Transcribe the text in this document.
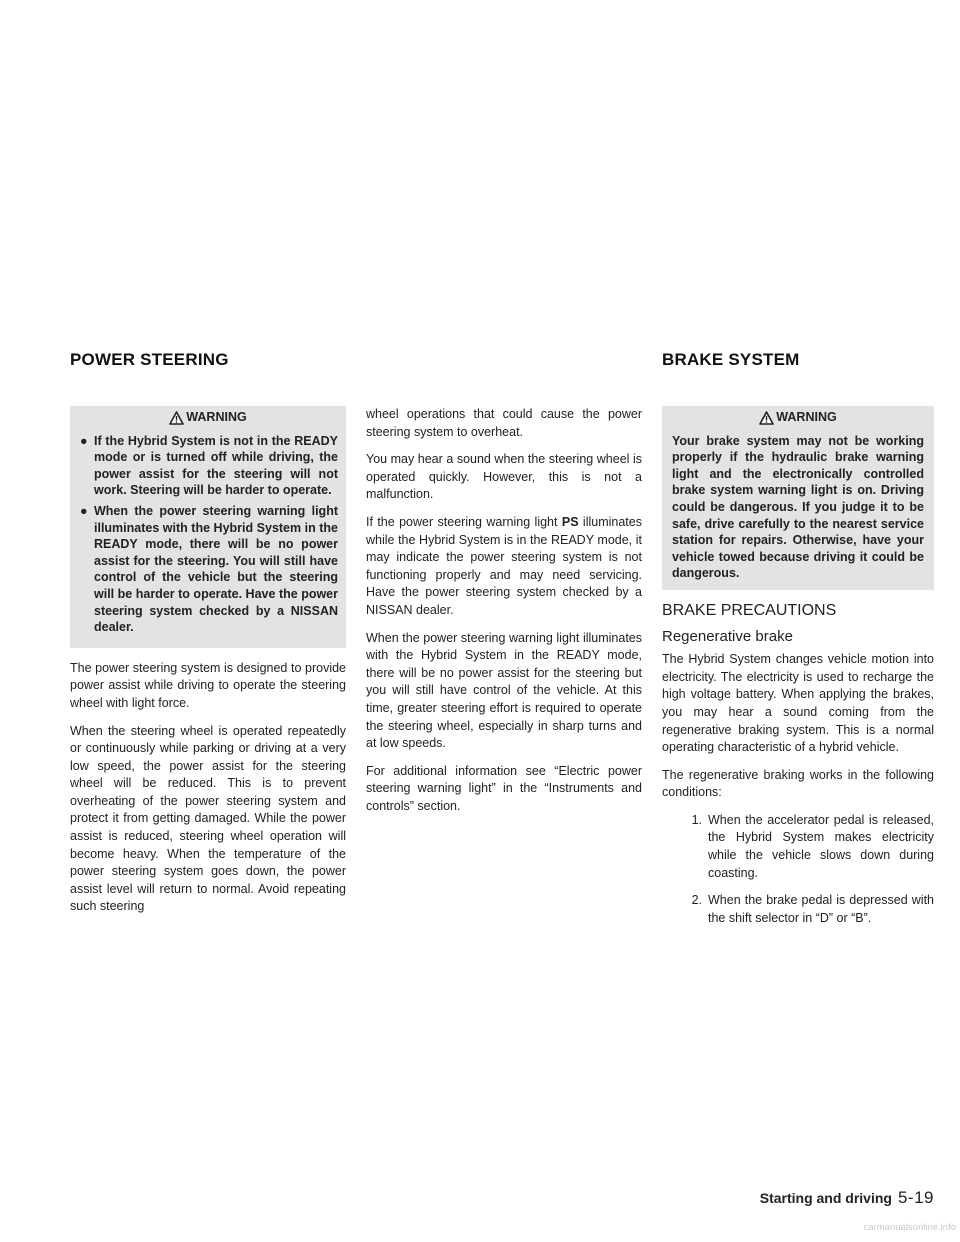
POWER STEERING	BRAKE SYSTEM
WARNING
● If the Hybrid System is not in the READY mode or is turned off while driving, the power assist for the steering will not work. Steering will be harder to operate.
● When the power steering warning light illuminates with the Hybrid System in the READY mode, there will be no power assist for the steering. You will still have control of the vehicle but the steering will be harder to operate. Have the power steering system checked by a NISSAN dealer.

The power steering system is designed to provide power assist while driving to operate the steering wheel with light force.

When the steering wheel is operated repeatedly or continuously while parking or driving at a very low speed, the power assist for the steering wheel will be reduced. This is to prevent overheating of the power steering system and protect it from getting damaged. While the power assist is reduced, steering wheel operation will become heavy. When the temperature of the power steering system goes down, the power assist level will return to normal. Avoid repeating such steering

wheel operations that could cause the power steering system to overheat.

You may hear a sound when the steering wheel is operated quickly. However, this is not a malfunction.

If the power steering warning light PS illuminates while the Hybrid System is in the READY mode, it may indicate the power steering system is not functioning properly and may need servicing. Have the power steering system checked by a NISSAN dealer.

When the power steering warning light illuminates with the Hybrid System in the READY mode, there will be no power assist for the steering but you will still have control of the vehicle. At this time, greater steering effort is required to operate the steering wheel, especially in sharp turns and at low speeds.

For additional information see “Electric power steering warning light” in the “Instruments and controls” section.

WARNING
Your brake system may not be working properly if the hydraulic brake warning light and the electronically controlled brake system warning light is on. Driving could be dangerous. If you judge it to be safe, drive carefully to the nearest service station for repairs. Otherwise, have your vehicle towed because driving it could be dangerous.
BRAKE PRECAUTIONS
Regenerative brake

The Hybrid System changes vehicle motion into electricity. The electricity is used to recharge the high voltage battery. When applying the brakes, you may hear a sound coming from the regenerative braking system. This is a normal operating characteristic of a hybrid vehicle.

The regenerative braking works in the following conditions:

1. When the accelerator pedal is released, the Hybrid System makes electricity while the vehicle slows down during coasting.
2. When the brake pedal is depressed with the shift selector in “D” or “B”.
Starting and driving 5-19
carmanualsonline.info
